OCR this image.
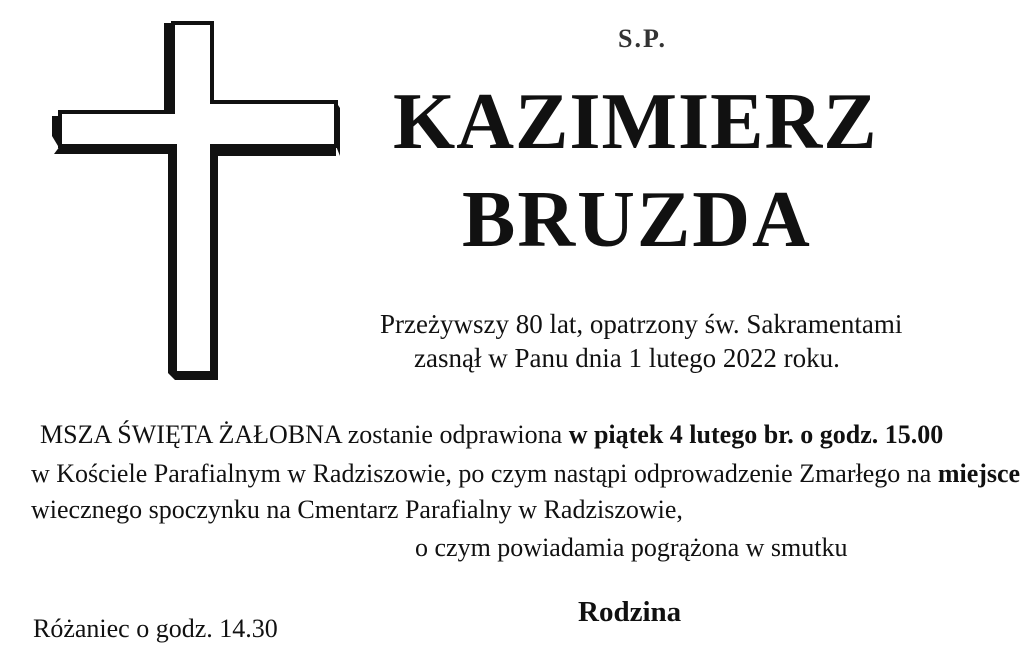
S.P.
KAZIMIERZ
BRUZDA
Przeżywszy 80 lat, opatrzony św. Sakramentami
zasnął w Panu dnia 1 lutego 2022 roku.
MSZA ŚWIĘTA ŻAŁOBNA zostanie odprawiona w piątek 4 lutego br. o godz. 15.00
w Kościele Parafialnym w Radziszowie, po czym nastąpi odprowadzenie Zmarłego na miejsce
wiecznego spoczynku na Cmentarz Parafialny w Radziszowie,
o czym powiadamia pogrążona w smutku
Rodzina
Różaniec o godz. 14.30
